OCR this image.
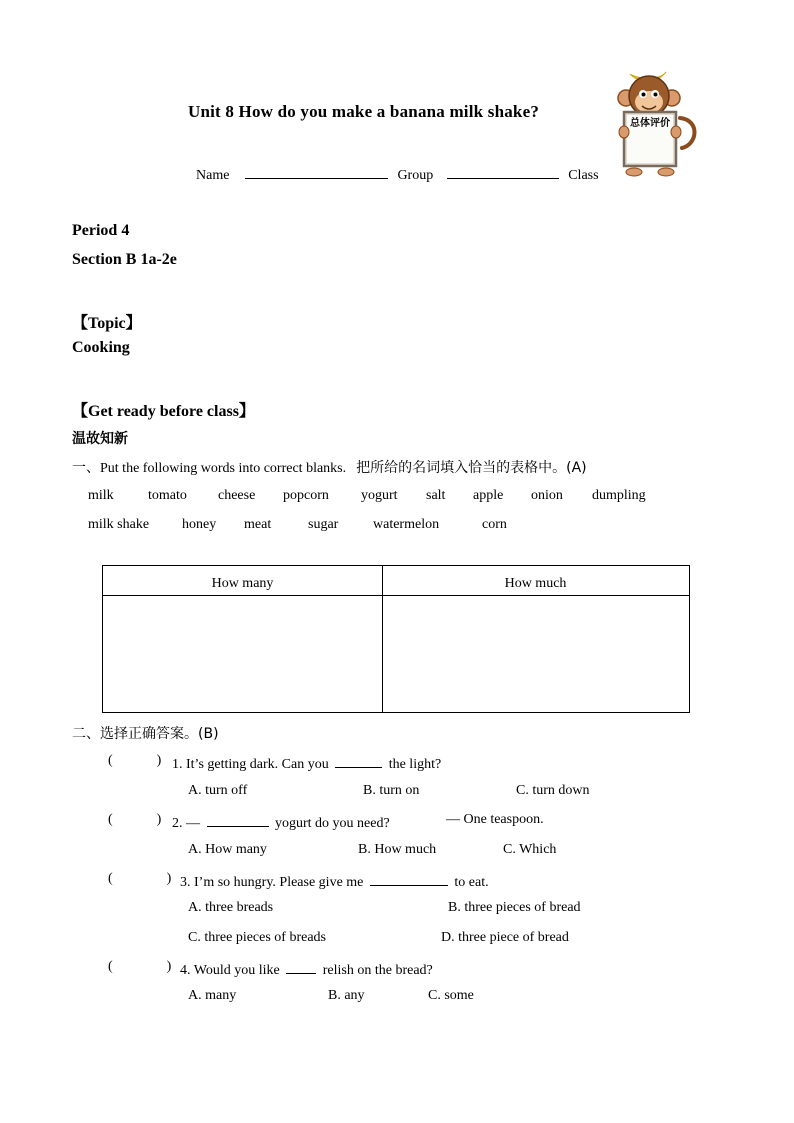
Unit 8 How do you make a banana milk shake?
Name	Group	Class
总体评价
Period 4
Section B 1a-2e
【Topic】
Cooking
【Get ready before class】
温故知新
一、Put the following words into correct blanks. 把所给的名词填入恰当的表格中。(A)
milk tomato cheese popcorn yogurt salt apple onion dumpling
milk shake honey meat	sugar watermelon	corn
How many	How much
二、选择正确答案。(B)
(	) 1. It’s getting dark. Can you	the light?
A. turn off	B. turn on	C. turn down
(	) 2. —	yogurt do you need?	— One teaspoon.
A. How many	B. How much	C. Which
(	) 3. I’m so hungry. Please give me	to eat.
A. three breads	B. three pieces of bread
C. three pieces of breads	D. three piece of bread
(	) 4. Would you like	relish on the bread?
A. many	B. any	C. some
